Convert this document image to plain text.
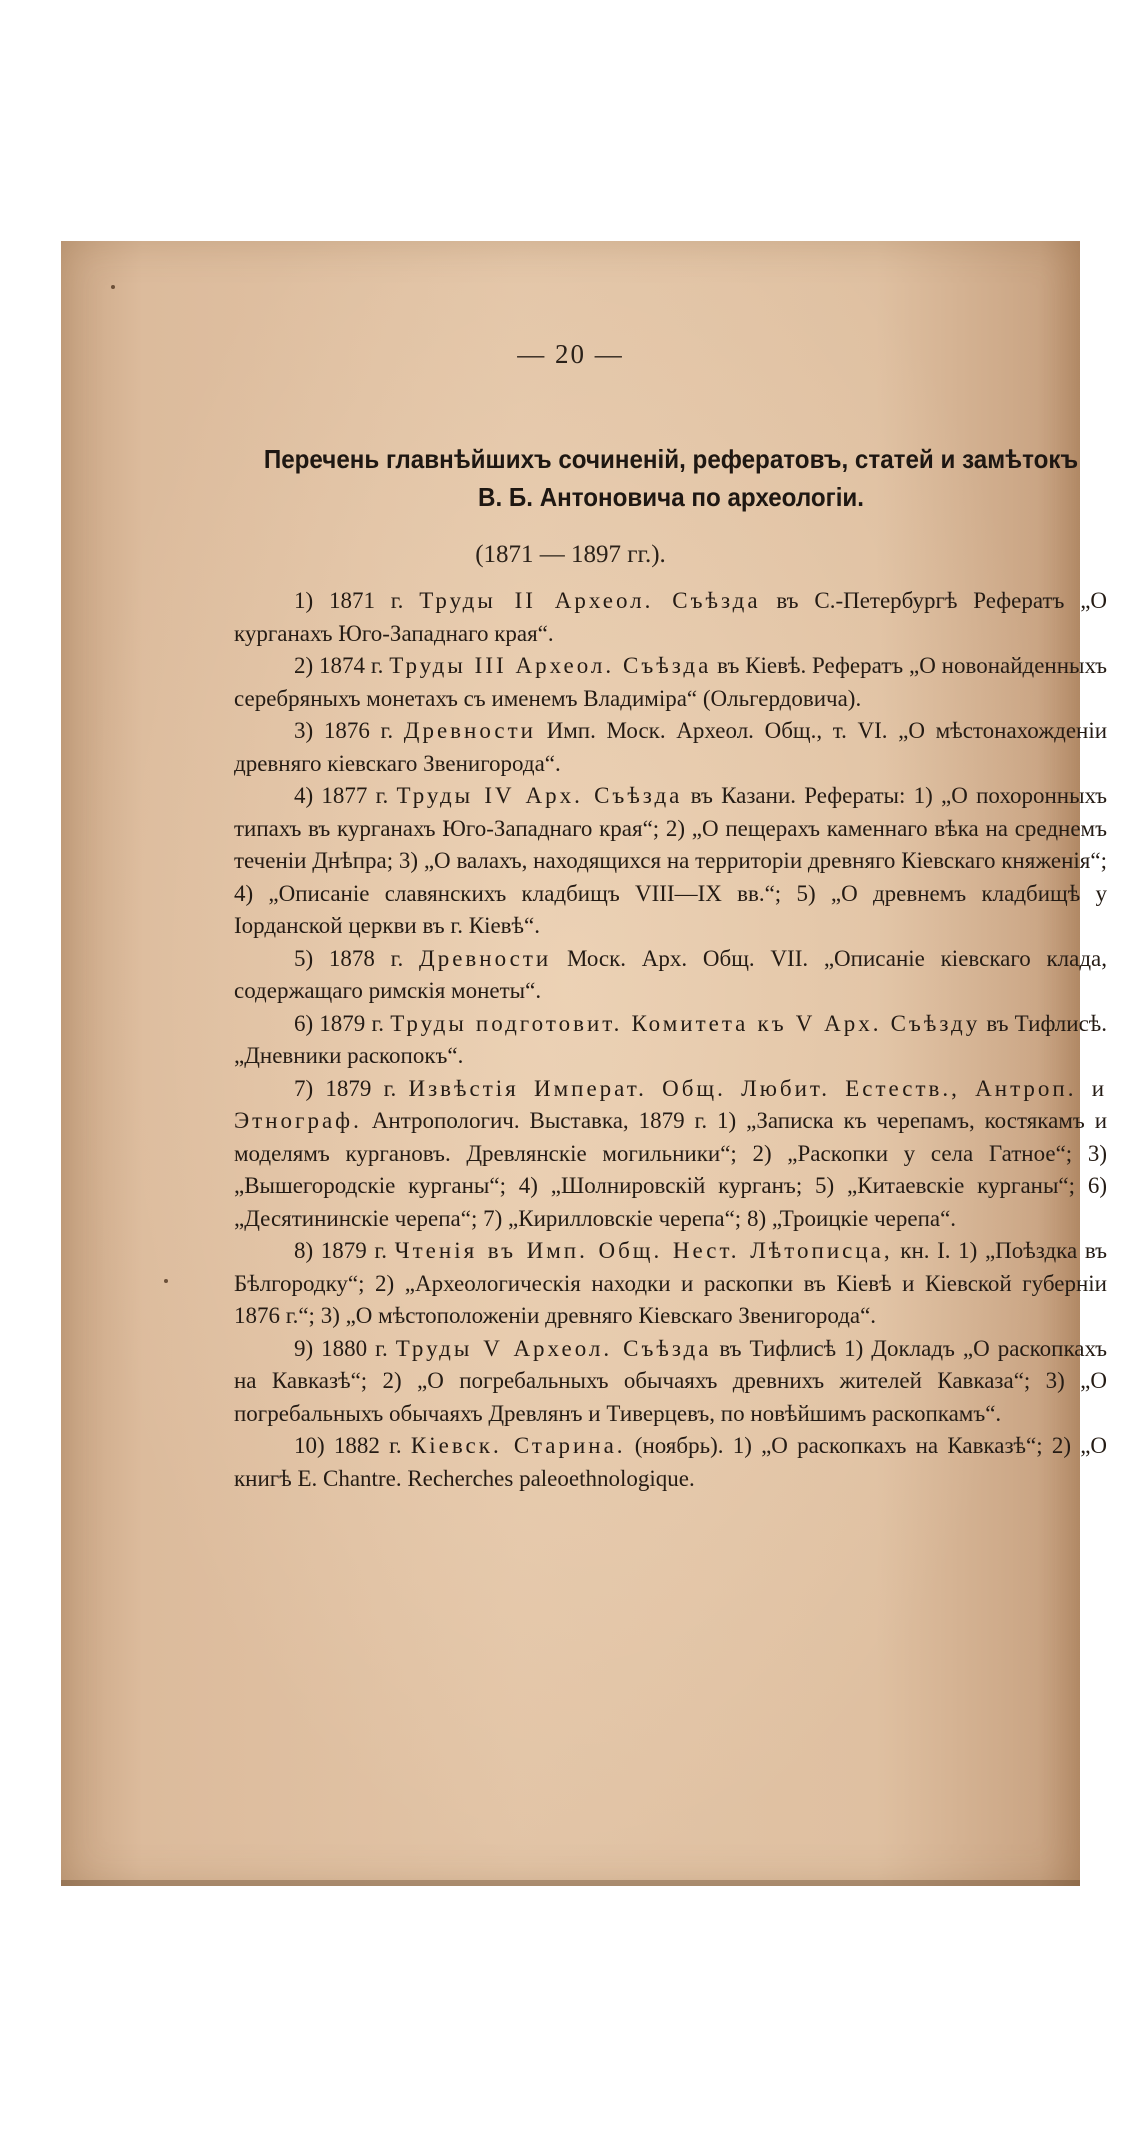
— 20 —
Перечень главнѣйшихъ сочиненій, рефератовъ, статей и замѣтокъ
В. Б. Антоновича по археологіи.
(1871 — 1897 гг.).

1) 1871 г. Труды II Археол. Съѣзда въ С.-Петербургѣ Рефератъ „О курганахъ Юго-Западнаго края“.

2) 1874 г. Труды III Археол. Съѣзда въ Кіевѣ. Рефератъ „О новонайденныхъ серебряныхъ монетахъ съ именемъ Владиміра“ (Ольгердовича).

3) 1876 г. Древности Имп. Моск. Археол. Общ., т. VI. „О мѣстонахожденіи древняго кіевскаго Звенигорода“.

4) 1877 г. Труды IV Арх. Съѣзда въ Казани. Рефераты: 1) „О похоронныхъ типахъ въ курганахъ Юго-Западнаго края“; 2) „О пещерахъ каменнаго вѣка на среднемъ теченіи Днѣпра; 3) „О валахъ, находящихся на территоріи древняго Кіевскаго княженія“; 4) „Описаніе славянскихъ кладбищъ VIII—IX вв.“; 5) „О древнемъ кладбищѣ у Іорданской церкви въ г. Кіевѣ“.

5) 1878 г. Древности Моск. Арх. Общ. VII. „Описаніе кіевскаго клада, содержащаго римскія монеты“.

6) 1879 г. Труды подготовит. Комитета къ V Арх. Съѣзду въ Тифлисѣ. „Дневники раскопокъ“.

7) 1879 г. Извѣстія Императ. Общ. Любит. Естеств., Антроп. и Этнограф. Антропологич. Выставка, 1879 г. 1) „Записка къ черепамъ, костякамъ и моделямъ кургановъ. Древлянскіе могильники“; 2) „Раскопки у села Гатное“; 3) „Вышегородскіе курганы“; 4) „Шолнировскій курганъ; 5) „Китаевскіе курганы“; 6) „Десятининскіе черепа“; 7) „Кирилловскіе черепа“; 8) „Троицкіе черепа“.

8) 1879 г. Чтенія въ Имп. Общ. Нест. Лѣтописца, кн. I. 1) „Поѣздка въ Бѣлгородку“; 2) „Археологическія находки и раскопки въ Кіевѣ и Кіевской губерніи 1876 г.“; 3) „О мѣстоположеніи древняго Кіевскаго Звенигорода“.

9) 1880 г. Труды V Археол. Съѣзда въ Тифлисѣ 1) Докладъ „О раскопкахъ на Кавказѣ“; 2) „О погребальныхъ обычаяхъ древнихъ жителей Кавказа“; 3) „О погребальныхъ обычаяхъ Древлянъ и Тиверцевъ, по новѣйшимъ раскопкамъ“.

10) 1882 г. Кіевск. Старина. (ноябрь). 1) „О раскопкахъ на Кавказѣ“; 2) „О книгѣ E. Chantre. Recherches paleoethnologique.
